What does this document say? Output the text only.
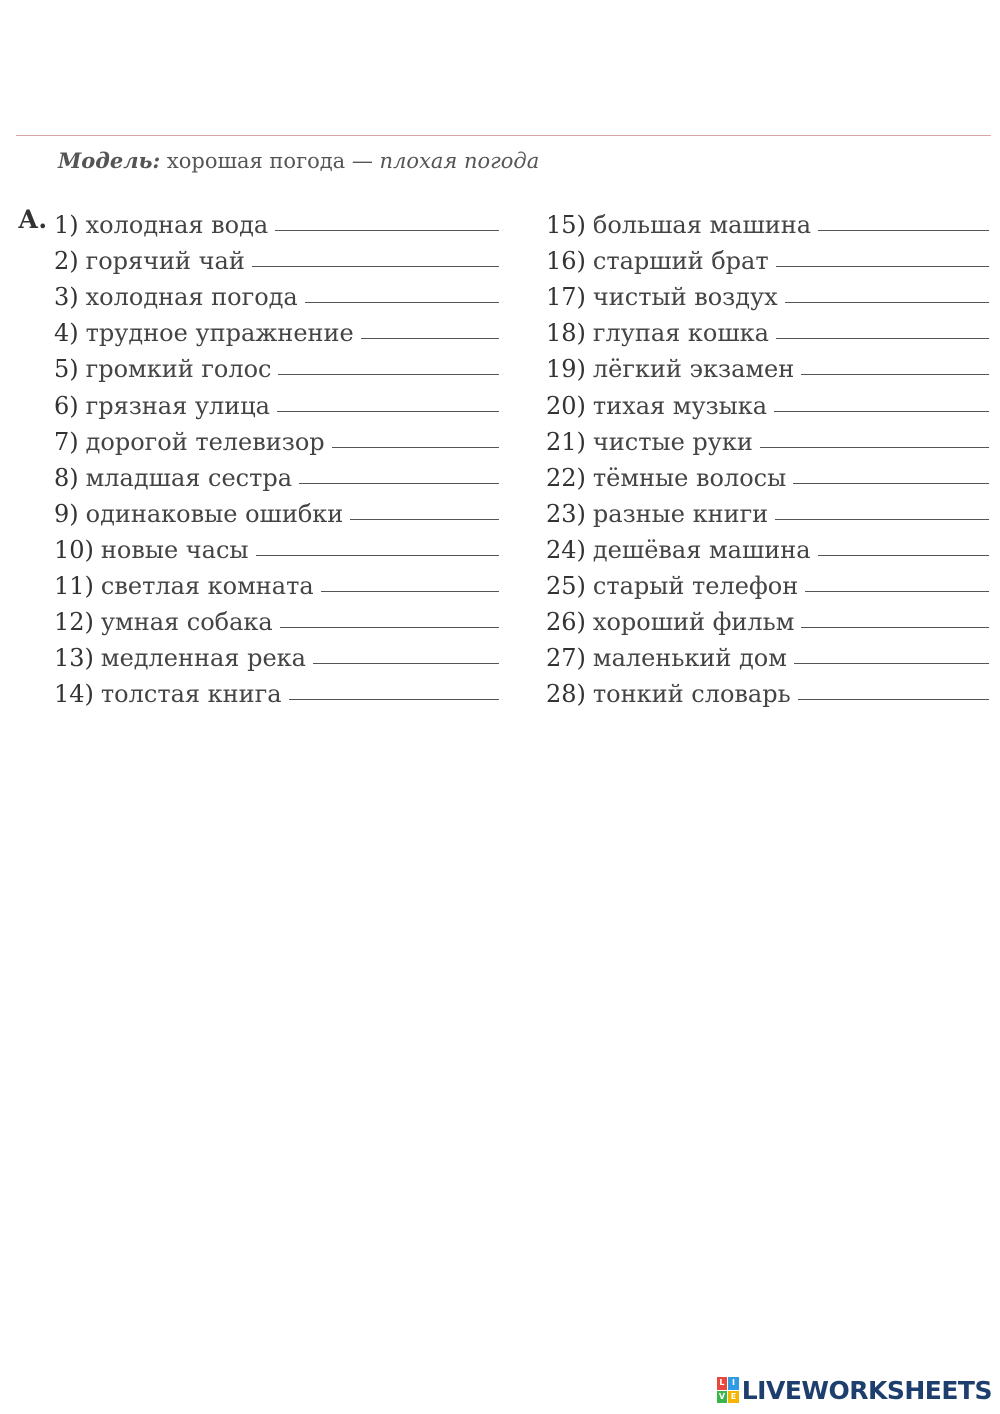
Модель: хорошая погода — плохая погода
А. 1) холодная вода
2) горячий чай
3) холодная погода
4) трудное упражнение
5) громкий голос
6) грязная улица
7) дорогой телевизор
8) младшая сестра
9) одинаковые ошибки
10) новые часы
11) светлая комната
12) умная собака
13) медленная река
14) толстая книга
15) большая машина
16) старший брат
17) чистый воздух
18) глупая кошка
19) лёгкий экзамен
20) тихая музыка
21) чистые руки
22) тёмные волосы
23) разные книги
24) дешёвая машина
25) старый телефон
26) хороший фильм
27) маленький дом
28) тонкий словарь
L I
V E LIVEWORKSHEETS
